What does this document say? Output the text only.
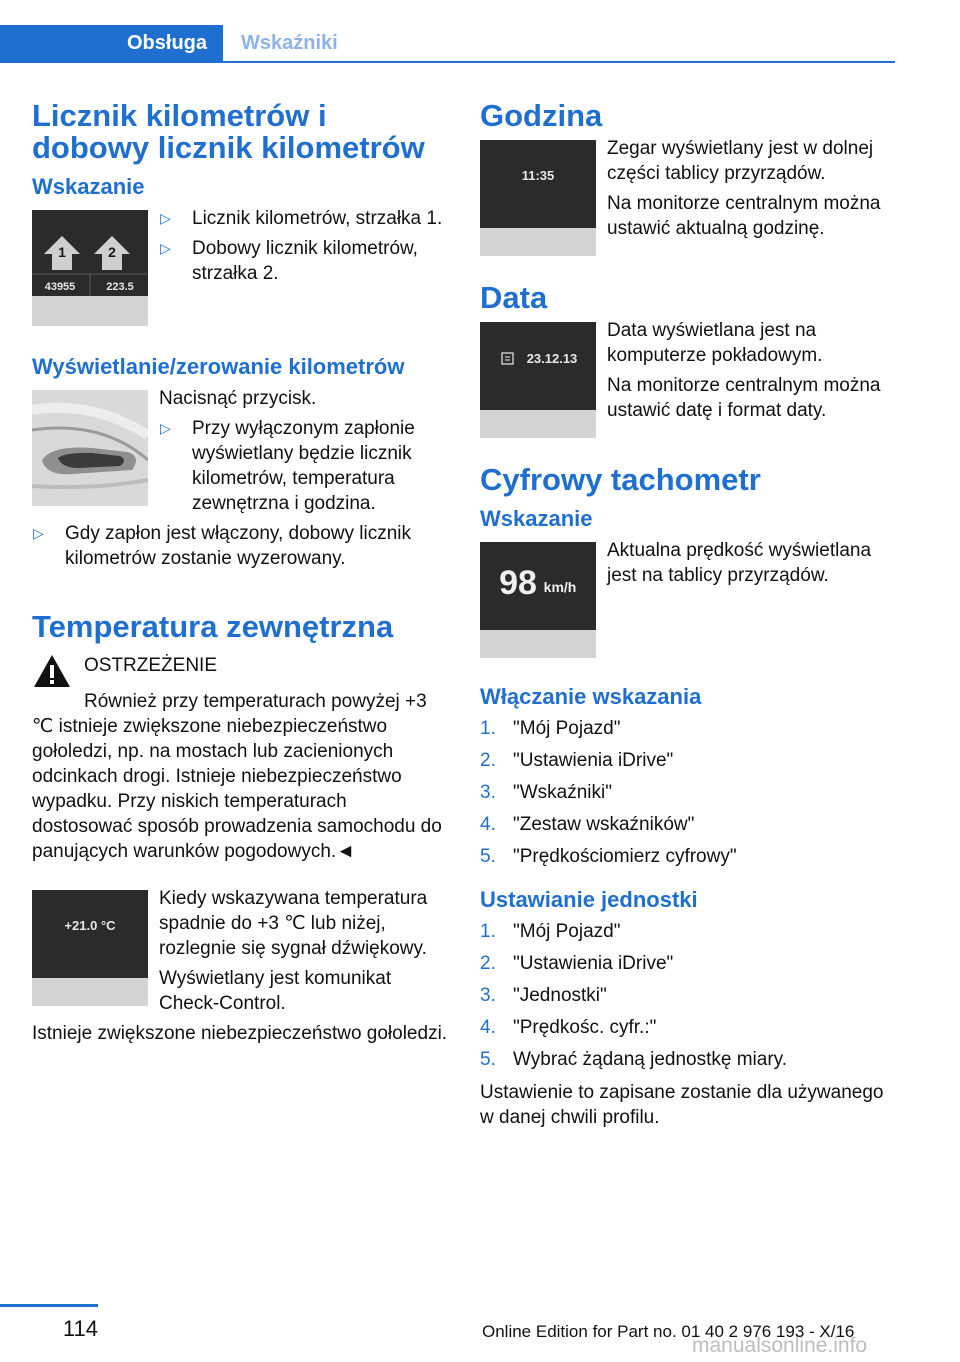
Obsługa	Wskaźniki
Licznik kilometrów i dobowy licznik kilometrów
Wskazanie
1	2
43955	223.5
▷ Licznik kilometrów, strzałka 1.
▷ Dobowy licznik kilometrów, strzałka 2.
Wyświetlanie/zerowanie kilometrów

Nacisnąć przycisk.

▷ Przy wyłączonym zapłonie wyświetlany będzie licznik kilometrów, temperatura zewnętrzna i godzina.
▷ Gdy zapłon jest włączony, dobowy licznik kilometrów zostanie wyzerowany.
Temperatura zewnętrzna

OSTRZEŻENIE

Również przy temperaturach powyżej +3 ℃ istnieje zwiększone niebezpieczeństwo gołoledzi, np. na mostach lub zacienionych odcinkach drogi. Istnieje niebezpieczeństwo wypadku. Przy niskich temperaturach dostosować sposób prowadzenia samochodu do panujących warunków pogodowych.◄

+21.0 °C

Kiedy wskazywana temperatura spadnie do +3 ℃ lub niżej, rozlegnie się sygnał dźwiękowy.

Wyświetlany jest komunikat Check-Control.

Istnieje zwiększone niebezpieczeństwo gołoledzi.

Godzina
11:35

Zegar wyświetlany jest w dolnej części tablicy przyrządów.

Na monitorze centralnym można ustawić aktualną godzinę.

Data
23.12.13

Data wyświetlana jest na komputerze pokładowym.

Na monitorze centralnym można ustawić datę i format daty.

Cyfrowy tachometr
Wskazanie
98 km/h

Aktualna prędkość wyświetlana jest na tablicy przyrządów.

Włączanie wskazania
1. "Mój Pojazd"
2. "Ustawienia iDrive"
3. "Wskaźniki"
4. "Zestaw wskaźników"
5. "Prędkościomierz cyfrowy"
Ustawianie jednostki
1. "Mój Pojazd"
2. "Ustawienia iDrive"
3. "Jednostki"
4. "Prędkośc. cyfr.:"
5. Wybrać żądaną jednostkę miary.

Ustawienie to zapisane zostanie dla używanego w danej chwili profilu.

114	Online Edition for Part no. 01 40 2 976 193 - X/16
manualsonline.info
